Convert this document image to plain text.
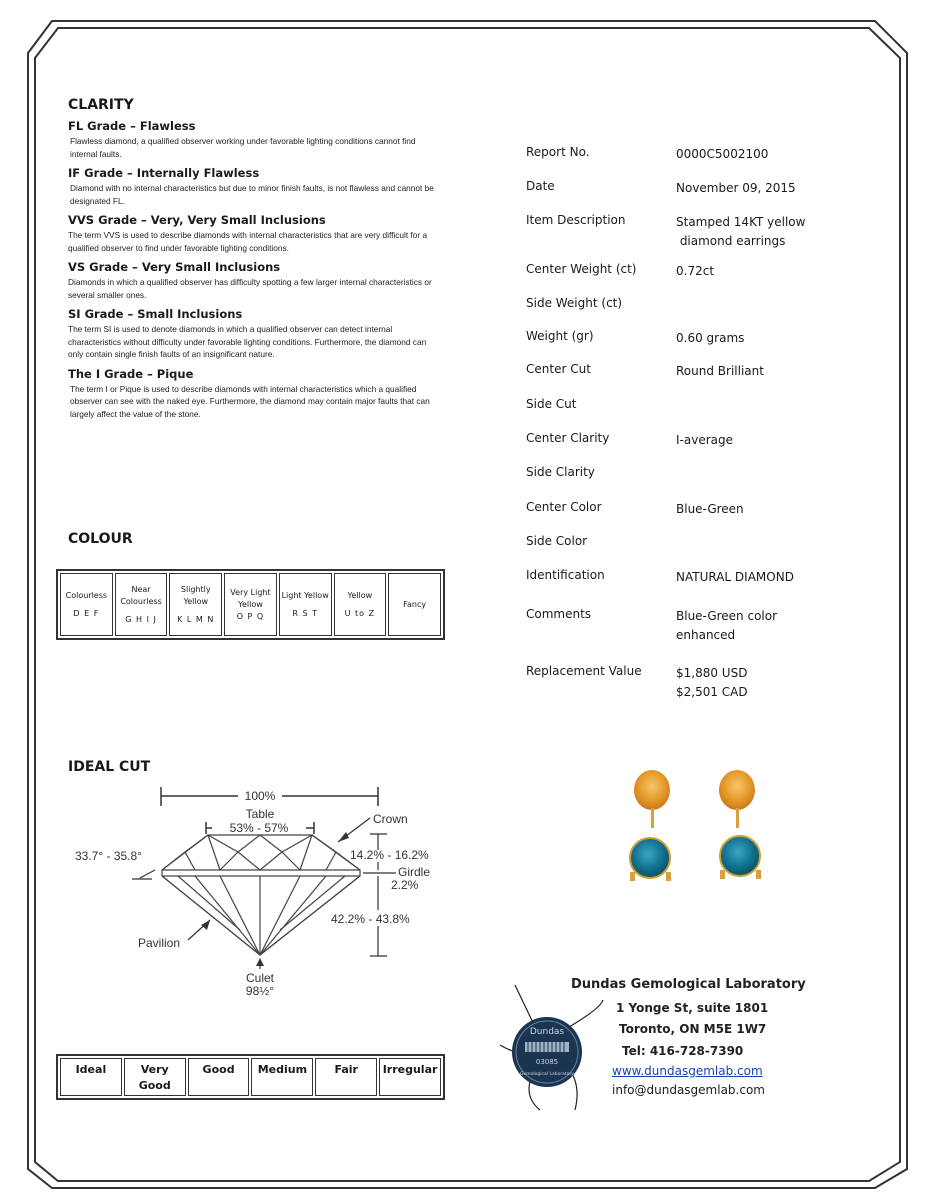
CLARITY
FL Grade – Flawless
Flawless diamond, a qualified observer working under favorable lighting conditions cannot find internal faults.
IF Grade – Internally Flawless
Diamond with no internal characteristics but due to minor finish faults, is not flawless and cannot be designated FL.
VVS Grade – Very, Very Small Inclusions
The term VVS is used to describe diamonds with internal characteristics that are very difficult for a qualified observer to find under favorable lighting conditions.
VS Grade – Very Small Inclusions
Diamonds in which a qualified observer has difficulty spotting a few larger internal characteristics or several smaller ones.
SI Grade – Small Inclusions
The term SI is used to denote diamonds in which a qualified observer can detect internal characteristics without difficulty under favorable lighting conditions. Furthermore, the diamond can only contain single finish faults of an insignificant nature.
The I Grade – Pique
The term I or Pique is used to describe diamonds with internal characteristics which a qualified observer can see with the naked eye. Furthermore, the diamond may contain major faults that can largely affect the value of the stone.
Report No.	0000C5002100
Date	November 09, 2015
Item Description	Stamped 14KT yellow
diamond earrings
Center Weight (ct)	0.72ct
Side Weight (ct)
Weight (gr)	0.60 grams
Center Cut	Round Brilliant
Side Cut
Center Clarity	I-average
Side Clarity
Center Color	Blue-Green
Side Color
Identification	NATURAL DIAMOND
Comments	Blue-Green color
enhanced
Replacement Value	$1,880 USD
$2,501 CAD
COLOUR
Colourless
D E F

Near Colourless
G H I J

Slightly Yellow
K L M N

Very Light Yellow
O P Q

Light Yellow
R S T

Yellow
U to Z

Fancy
IDEAL CUT
100%
Table
53% - 57%
33.7° - 35.8°
Crown
14.2% - 16.2%
Girdle
2.2%
42.2% - 43.8%
Pavilion
Culet
98½°
Ideal	Very Good	Good	Medium	Fair	Irregular
Dundas
03085
Gemological Laboratory
Dundas Gemological Laboratory
1 Yonge St, suite 1801
Toronto, ON M5E 1W7
Tel: 416-728-7390
www.dundasgemlab.com
info@dundasgemlab.com
